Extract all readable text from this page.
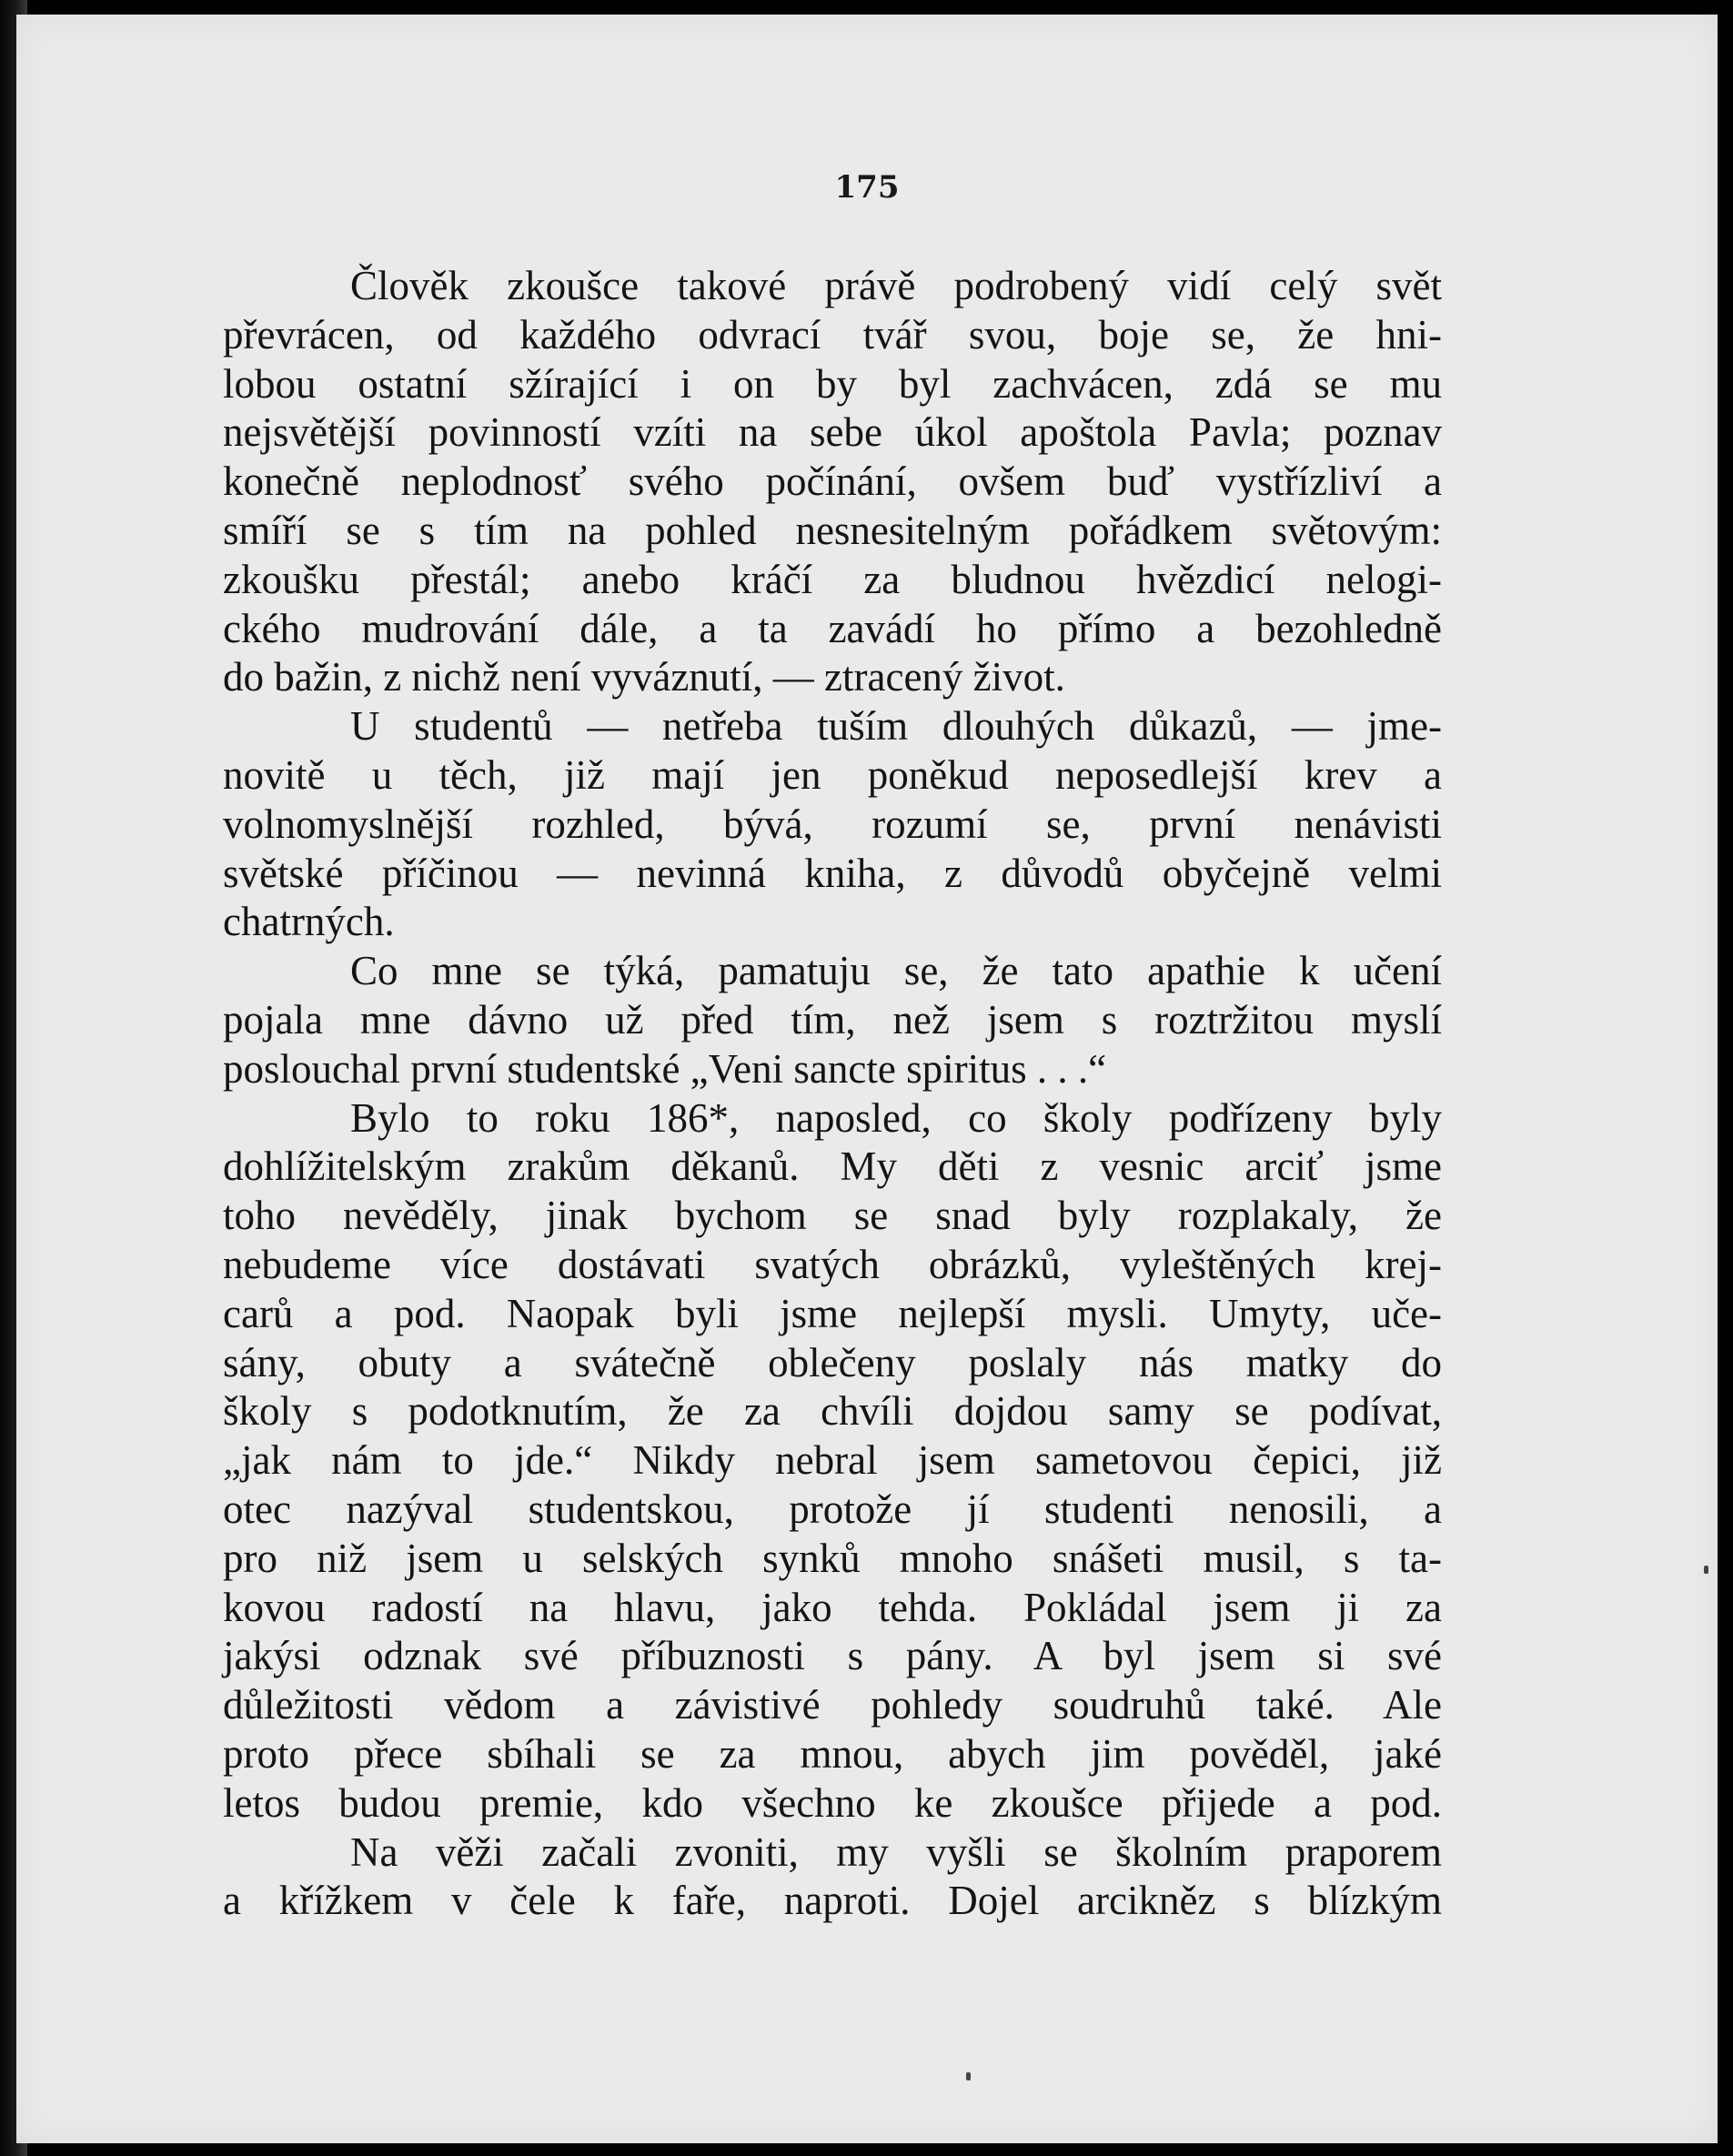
175
Člověk zkoušce takové právě podrobený vidí celý svět
převrácen, od každého odvrací tvář svou, boje se, že hni-
lobou ostatní sžírající i on by byl zachvácen, zdá se mu
nejsvětější povinností vzíti na sebe úkol apoštola Pavla; poznav
konečně neplodnosť svého počínání, ovšem buď vystřízliví a
smíří se s tím na pohled nesnesitelným pořádkem světovým:
zkoušku přestál; anebo kráčí za bludnou hvězdicí nelogi-
ckého mudrování dále, a ta zavádí ho přímo a bezohledně
do bažin, z nichž není vyváznutí, — ztracený život.
U studentů — netřeba tuším dlouhých důkazů, — jme-
novitě u těch, již mají jen poněkud neposedlejší krev a
volnomyslnější rozhled, bývá, rozumí se, první nenávisti
světské příčinou — nevinná kniha, z důvodů obyčejně velmi
chatrných.
Co mne se týká, pamatuju se, že tato apathie k učení
pojala mne dávno už před tím, než jsem s roztržitou myslí
poslouchal první studentské „Veni sancte spiritus . . .“
Bylo to roku 186*, naposled, co školy podřízeny byly
dohlížitelským zrakům děkanů. My děti z vesnic arciť jsme
toho nevěděly, jinak bychom se snad byly rozplakaly, že
nebudeme více dostávati svatých obrázků, vyleštěných krej-
carů a pod. Naopak byli jsme nejlepší mysli. Umyty, uče-
sány, obuty a svátečně oblečeny poslaly nás matky do
školy s podotknutím, že za chvíli dojdou samy se podívat,
„jak nám to jde.“ Nikdy nebral jsem sametovou čepici, již
otec nazýval studentskou, protože jí studenti nenosili, a
pro niž jsem u selských synků mnoho snášeti musil, s ta-
kovou radostí na hlavu, jako tehda. Pokládal jsem ji za
jakýsi odznak své příbuznosti s pány. A byl jsem si své
důležitosti vědom a závistivé pohledy soudruhů také. Ale
proto přece sbíhali se za mnou, abych jim pověděl, jaké
letos budou premie, kdo všechno ke zkoušce přijede a pod.
Na věži začali zvoniti, my vyšli se školním praporem
a křížkem v čele k faře, naproti. Dojel arcikněz s blízkým
